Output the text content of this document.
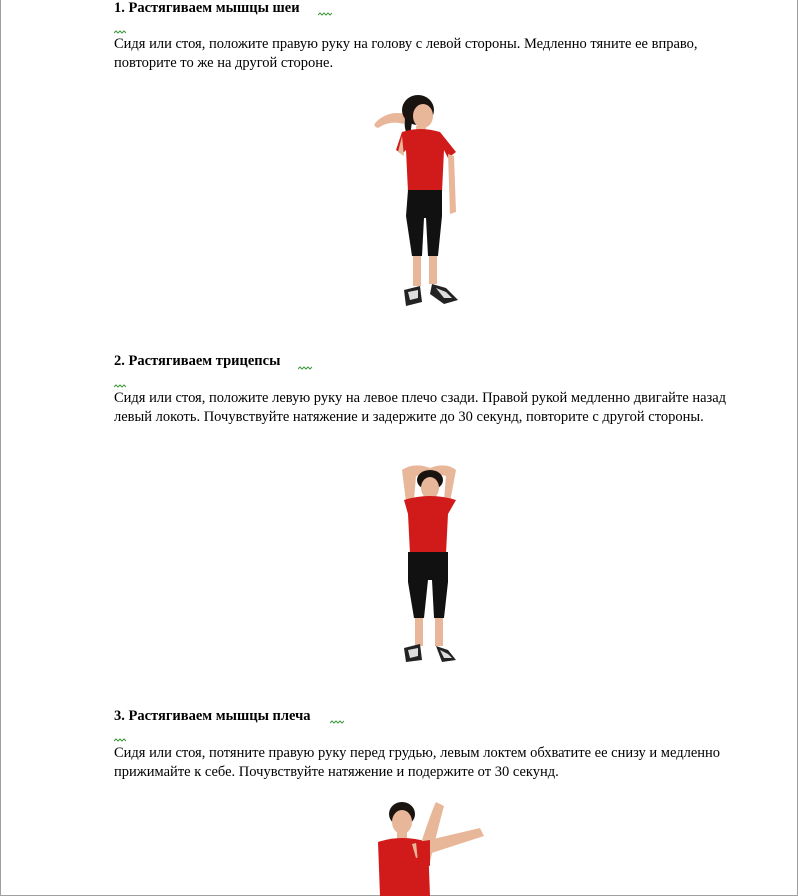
1. Растягиваем мышцы шеи
Сидя или стоя, положите правую руку на голову с левой стороны. Медленно тяните ее вправо, повторите то же на другой стороне.
2. Растягиваем трицепсы
Сидя или стоя, положите левую руку на левое плечо сзади. Правой рукой медленно двигайте назад левый локоть. Почувствуйте натяжение и задержите до 30 секунд, повторите с другой стороны.
3. Растягиваем мышцы плеча
Сидя или стоя, потяните правую руку перед грудью, левым локтем обхватите ее снизу и медленно прижимайте к себе. Почувствуйте натяжение и подержите от 30 секунд.
